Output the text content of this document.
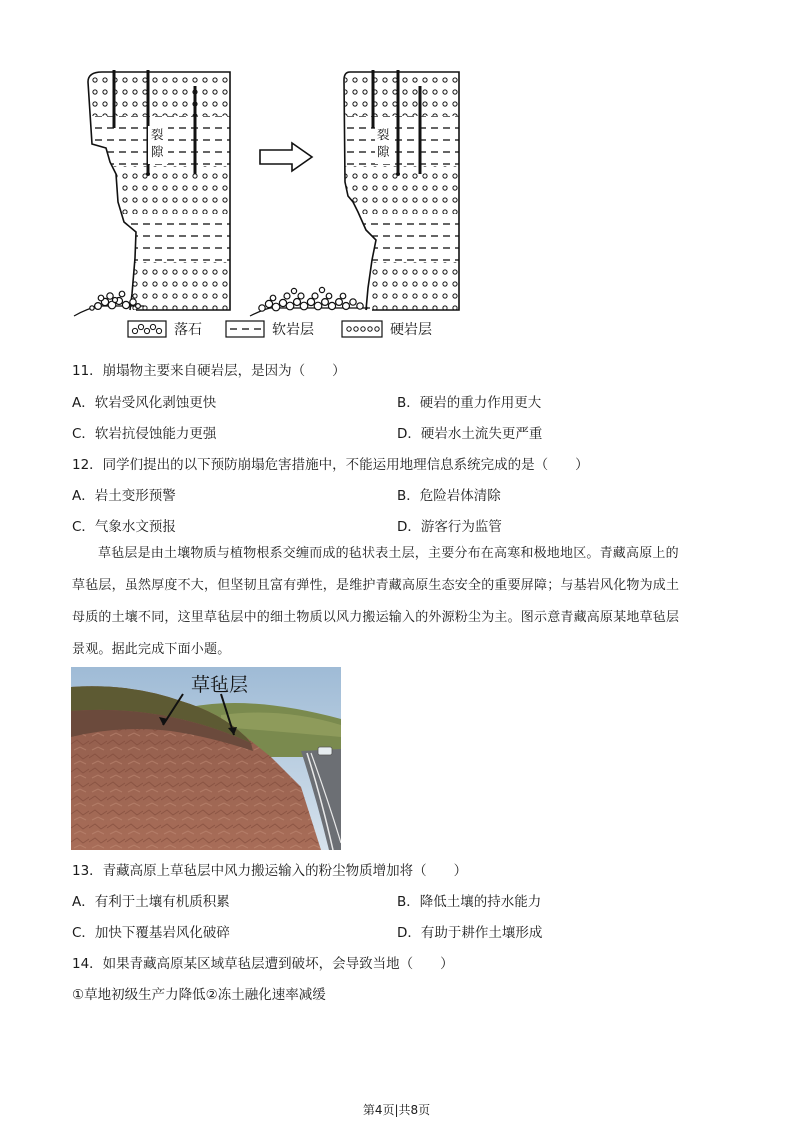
裂
隙
裂
隙
落石	软岩层	硬岩层
11．崩塌物主要来自硬岩层，是因为（　　）
A．软岩受风化剥蚀更快	B．硬岩的重力作用更大
C．软岩抗侵蚀能力更强	D．硬岩水土流失更严重
12．同学们提出的以下预防崩塌危害措施中，不能运用地理信息系统完成的是（　　）
A．岩土变形预警	B．危险岩体清除
C．气象水文预报	D．游客行为监管
草毡层是由土壤物质与植物根系交缠而成的毡状表土层，主要分布在高寒和极地地区。青藏高原上的
草毡层，虽然厚度不大，但坚韧且富有弹性，是维护青藏高原生态安全的重要屏障；与基岩风化物为成土
母质的土壤不同，这里草毡层中的细土物质以风力搬运输入的外源粉尘为主。图示意青藏高原某地草毡层
景观。据此完成下面小题。
草毡层
13．青藏高原上草毡层中风力搬运输入的粉尘物质增加将（　　）
A．有利于土壤有机质积累	B．降低土壤的持水能力
C．加快下覆基岩风化破碎	D．有助于耕作土壤形成
14．如果青藏高原某区域草毡层遭到破坏，会导致当地（　　）
①草地初级生产力降低②冻土融化速率减缓
第4页|共8页
